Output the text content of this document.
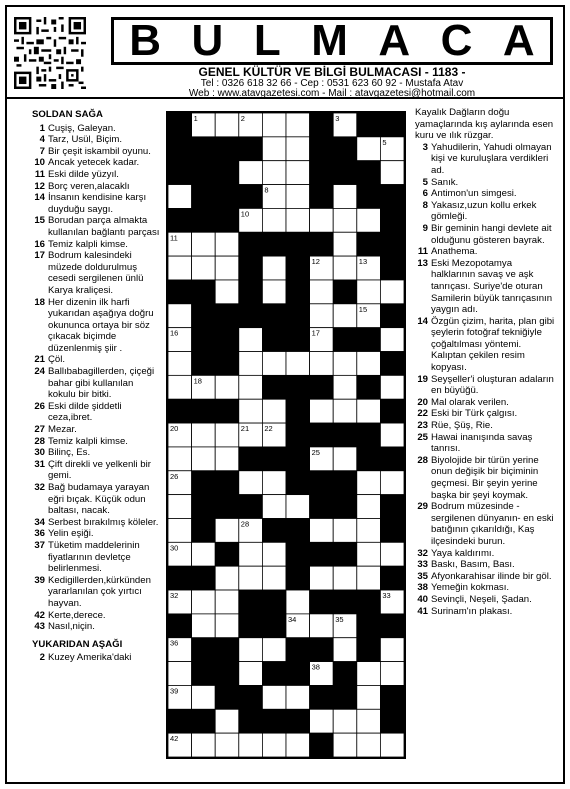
B U L M A C A
GENEL KÜLTÜR VE BİLGİ BULMACASI - 1183 -
Tel : 0326 618 32 66 - Cep : 0531 623 60 92 - Mustafa Atav
Web : www.atavgazetesi.com - Mail : atavgazetesi@hotmail.com
SOLDAN SAĞA
1 Cuşiş, Galeyan.
4 Tarz, Usül, Biçim.
7 Bir çeşit iskambil oyunu.
10 Ancak yetecek kadar.
11 Eski dilde yüzyıl.
12 Borç veren,alacaklı
14 İnsanın kendisine karşı duyduğu saygı.
15 Borudan parça almakta kullanılan bağlantı parçası
16 Temiz kalpli kimse.
17 Bodrum kalesindeki müzede doldurulmuş cesedi sergilenen ünlü Karya kraliçesi.
18 Her dizenin ilk harfi yukarıdan aşağıya doğru okununca ortaya bir söz çıkacak biçimde düzenlenmiş şiir .
21 Çöl.
24 Ballıbabagillerden, çiçeği bahar gibi kullanılan kokulu bir bitki.
26 Eski dilde şiddetli ceza,ibret.
27 Mezar.
28 Temiz kalpli kimse.
30 Bilinç, Es.
31 Çift direkli ve yelkenli bir gemi.
32 Bağ budamaya yarayan eğri bıçak. Küçük odun baltası, nacak.
34 Serbest bırakılmış köleler.
36 Yelin eşiği.
37 Tüketim maddelerinin fiyatlarının devletçe belirlenmesi.
39 Kedigillerden,kürkünden yararlanılan çok yırtıcı hayvan.
42 Kerte,derece.
43 Nasıl,niçin.
YUKARIDAN AŞAĞI
2 Kuzey Amerika'daki
1	2	3
4	5
6
7	8	9
10
11
12	13
14	15
16	17
18	19
20	21 22	23
24	25
26
27
28	29
30	31
32	33
34	35
36
37 38
39	40	41
42	43
Kayalık Dağların doğu yamaçlarında kış aylarında esen kuru ve ılık rüzgar.
3 Yahudilerin, Yahudi olmayan kişi ve kuruluşlara verdikleri ad.
5 Sanık.
6 Antimon'un simgesi.
8 Yakasız,uzun kollu erkek gömleği.
9 Bir geminin hangi devlete ait olduğunu gösteren bayrak.
11 Anathema.
13 Eski Mezopotamya halklarının savaş ve aşk tanrıçası. Suriye'de oturan Samilerin büyük tanrıçasının yaygın adı.
14 Özgün çizim, harita, plan gibi şeylerin fotoğraf tekniğiyle çoğaltılması yöntemi. Kalıptan çekilen resim kopyası.
19 Seyşeller'i oluşturan adaların en büyüğü.
20 Mal olarak verilen.
22 Eski bir Türk çalgısı.
23 Rüe, Şüş, Rie.
25 Hawai inanışında savaş tanrısı.
28 Biyolojide bir türün yerine onun değişik bir biçiminin geçmesi. Bir şeyin yerine başka bir şeyi koymak.
29 Bodrum müzesinde - sergilenen dünyanın- en eski batığının çıkarıldığı, Kaş ilçesindeki burun.
32 Yaya kaldırımı.
33 Baskı, Basım, Bası.
35 Afyonkarahisar ilinde bir göl.
38 Yemeğin kokması.
40 Sevinçli, Neşeli, Şadan.
41 Surinam'ın plakası.
